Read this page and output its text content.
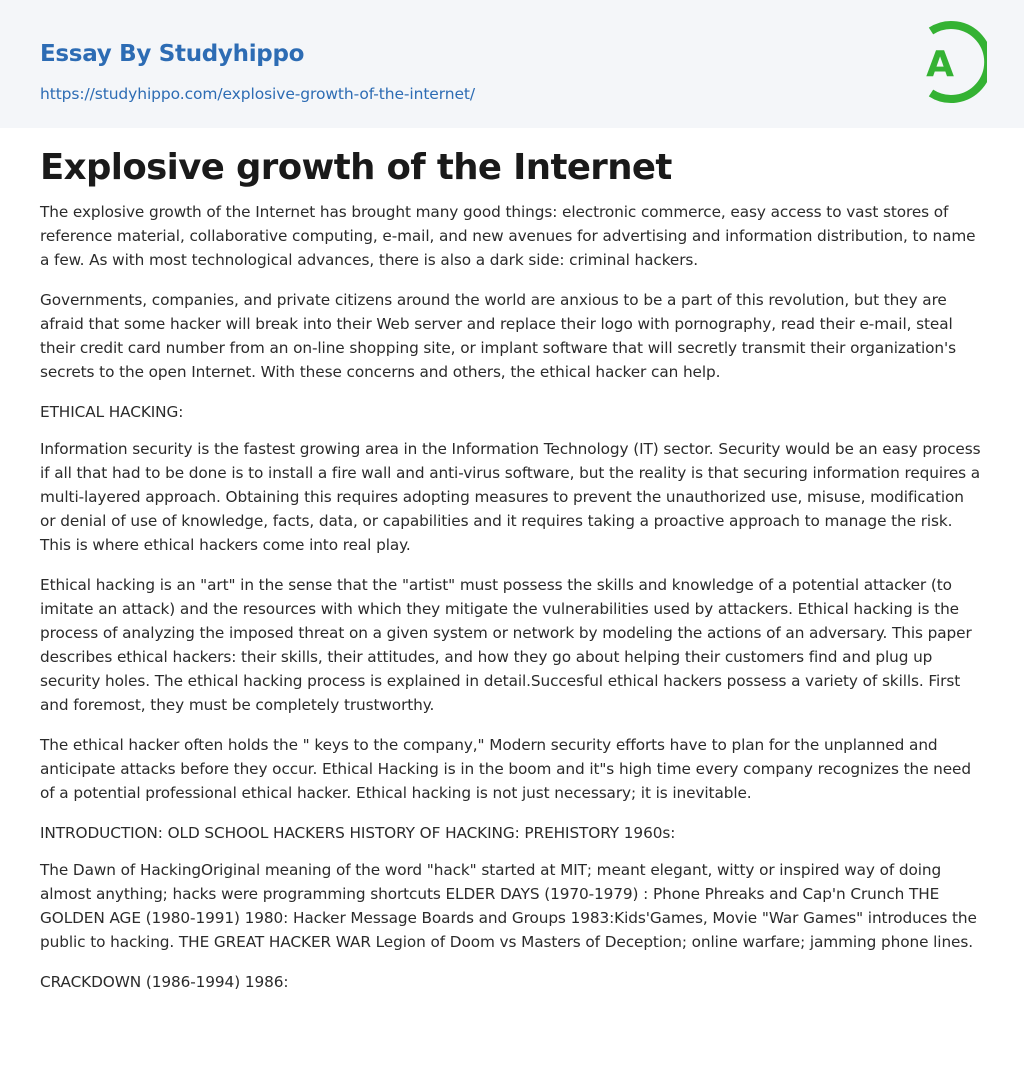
Essay By Studyhippo
https://studyhippo.com/explosive-growth-of-the-internet/
A
Explosive growth of the Internet

The explosive growth of the Internet has brought many good things: electronic commerce, easy access to vast stores of reference material, collaborative computing, e-mail, and new avenues for advertising and information distribution, to name a few. As with most technological advances, there is also a dark side: criminal hackers.

Governments, companies, and private citizens around the world are anxious to be a part of this revolution, but they are afraid that some hacker will break into their Web server and replace their logo with pornography, read their e-mail, steal their credit card number from an on-line shopping site, or implant software that will secretly transmit their organization's secrets to the open Internet. With these concerns and others, the ethical hacker can help.

ETHICAL HACKING:

Information security is the fastest growing area in the Information Technology (IT) sector. Security would be an easy process if all that had to be done is to install a fire wall and anti-virus software, but the reality is that securing information requires a multi-layered approach. Obtaining this requires adopting measures to prevent the unauthorized use, misuse, modification or denial of use of knowledge, facts, data, or capabilities and it requires taking a proactive approach to manage the risk. This is where ethical hackers come into real play.

Ethical hacking is an "art" in the sense that the "artist" must possess the skills and knowledge of a potential attacker (to imitate an attack) and the resources with which they mitigate the vulnerabilities used by attackers. Ethical hacking is the process of analyzing the imposed threat on a given system or network by modeling the actions of an adversary. This paper describes ethical hackers: their skills, their attitudes, and how they go about helping their customers find and plug up security holes. The ethical hacking process is explained in detail.Succesful ethical hackers possess a variety of skills. First and foremost, they must be completely trustworthy.

The ethical hacker often holds the " keys to the company," Modern security efforts have to plan for the unplanned and anticipate attacks before they occur. Ethical Hacking is in the boom and it"s high time every company recognizes the need of a potential professional ethical hacker. Ethical hacking is not just necessary; it is inevitable.

INTRODUCTION: OLD SCHOOL HACKERS HISTORY OF HACKING: PREHISTORY 1960s:

The Dawn of HackingOriginal meaning of the word "hack" started at MIT; meant elegant, witty or inspired way of doing almost anything; hacks were programming shortcuts ELDER DAYS (1970-1979) : Phone Phreaks and Cap'n Crunch THE GOLDEN AGE (1980-1991) 1980: Hacker Message Boards and Groups 1983:Kids'Games, Movie "War Games" introduces the public to hacking. THE GREAT HACKER WAR Legion of Doom vs Masters of Deception; online warfare; jamming phone lines.

CRACKDOWN (1986-1994) 1986:
